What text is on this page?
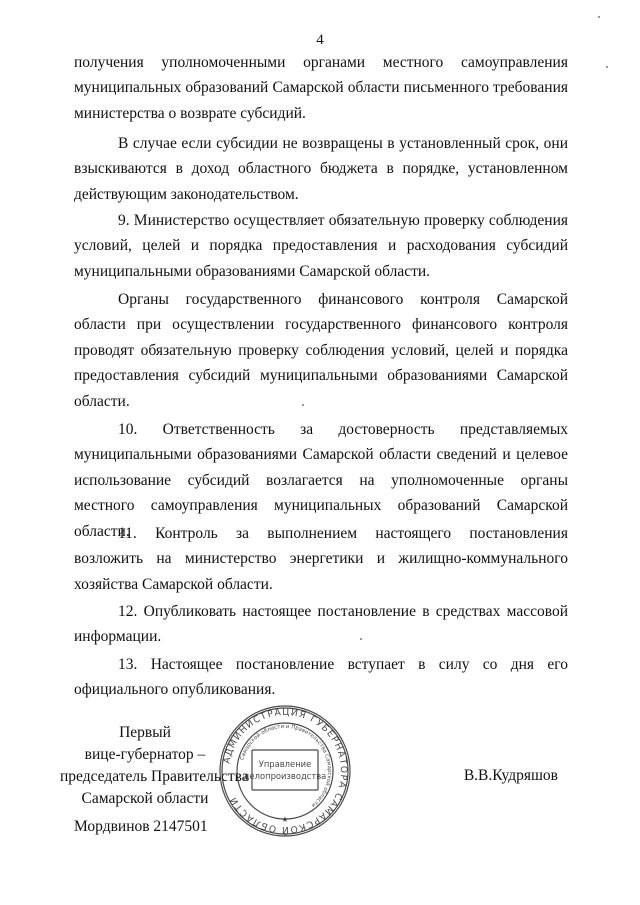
4

получения уполномоченными органами местного самоуправления муниципальных образований Самарской области письменного требования министерства о возврате субсидий.

В случае если субсидии не возвращены в установленный срок, они взыскиваются в доход областного бюджета в порядке, установленном действующим законодательством.

9. Министерство осуществляет обязательную проверку соблюдения условий, целей и порядка предоставления и расходования субсидий муниципальными образованиями Самарской области.

Органы государственного финансового контроля Самарской области при осуществлении государственного финансового контроля проводят обязательную проверку соблюдения условий, целей и порядка предоставления субсидий муниципальными образованиями Самарской области.

10. Ответственность за достоверность представляемых муниципальными образованиями Самарской области сведений и целевое использование субсидий возлагается на уполномоченные органы местного самоуправления муниципальных образований Самарской области.

11. Контроль за выполнением настоящего постановления возложить на министерство энергетики и жилищно-коммунального хозяйства Самарской области.

12. Опубликовать настоящее постановление в средствах массовой информации.

13. Настоящее постановление вступает в силу со дня его официального опубликования.

Первый
вице-губернатор –
председатель Правительства
Самарской области
В.В.Кудряшов
АДМИНИСТРАЦИЯ ГУБЕРНАТОРА САМАРСКОЙ ОБЛАСТИ
Самарской области и Правительства Самарской области
Управление
делопроизводства
★
Мордвинов 2147501
